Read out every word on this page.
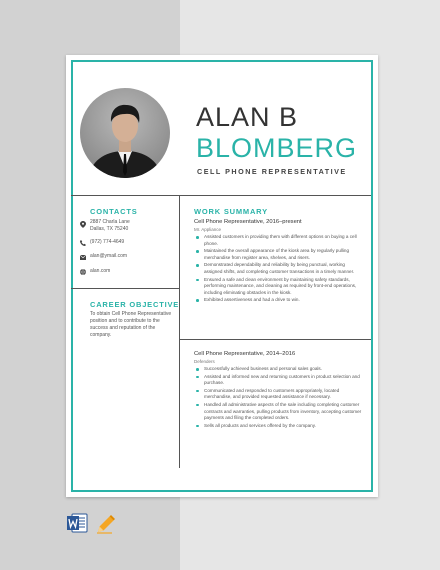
ALAN B
BLOMBERG
CELL PHONE REPRESENTATIVE
CONTACTS
2887 Charla Lane
Dallas, TX 75240
(972) 774-4649
alan@ymail.com
alan.com
CAREER OBJECTIVE
To obtain Cell Phone Representative position and to contribute to the success and reputation of the company.
WORK SUMMARY
Cell Phone Representative, 2016–present
Mr. Appliance
Assisted customers in providing them with different options on buying a cell phone.
Maintained the overall appearance of the kiosk area by regularly pulling merchandise from register area, shelves, and risers.
Demonstrated dependability and reliability by being punctual, working assigned shifts, and completing customer transactions in a timely manner.
Ensured a safe and clean environment by maintaining safety standards, performing maintenance, and cleaning as required by front-end operations, including eliminating obstacles in the kiosk.
Exhibited assertiveness and had a drive to win.
Cell Phone Representative, 2014–2016
Defenders
Successfully achieved business and personal sales goals.
Assisted and informed new and returning customers in product selection and purchase.
Communicated and responded to customers appropriately, located merchandise, and provided requested assistance if necessary.
Handled all administrative aspects of the sale including completing customer contracts and warranties, pulling products from inventory, accepting customer payments and filing the completed orders.
Sells all products and services offered by the company.
